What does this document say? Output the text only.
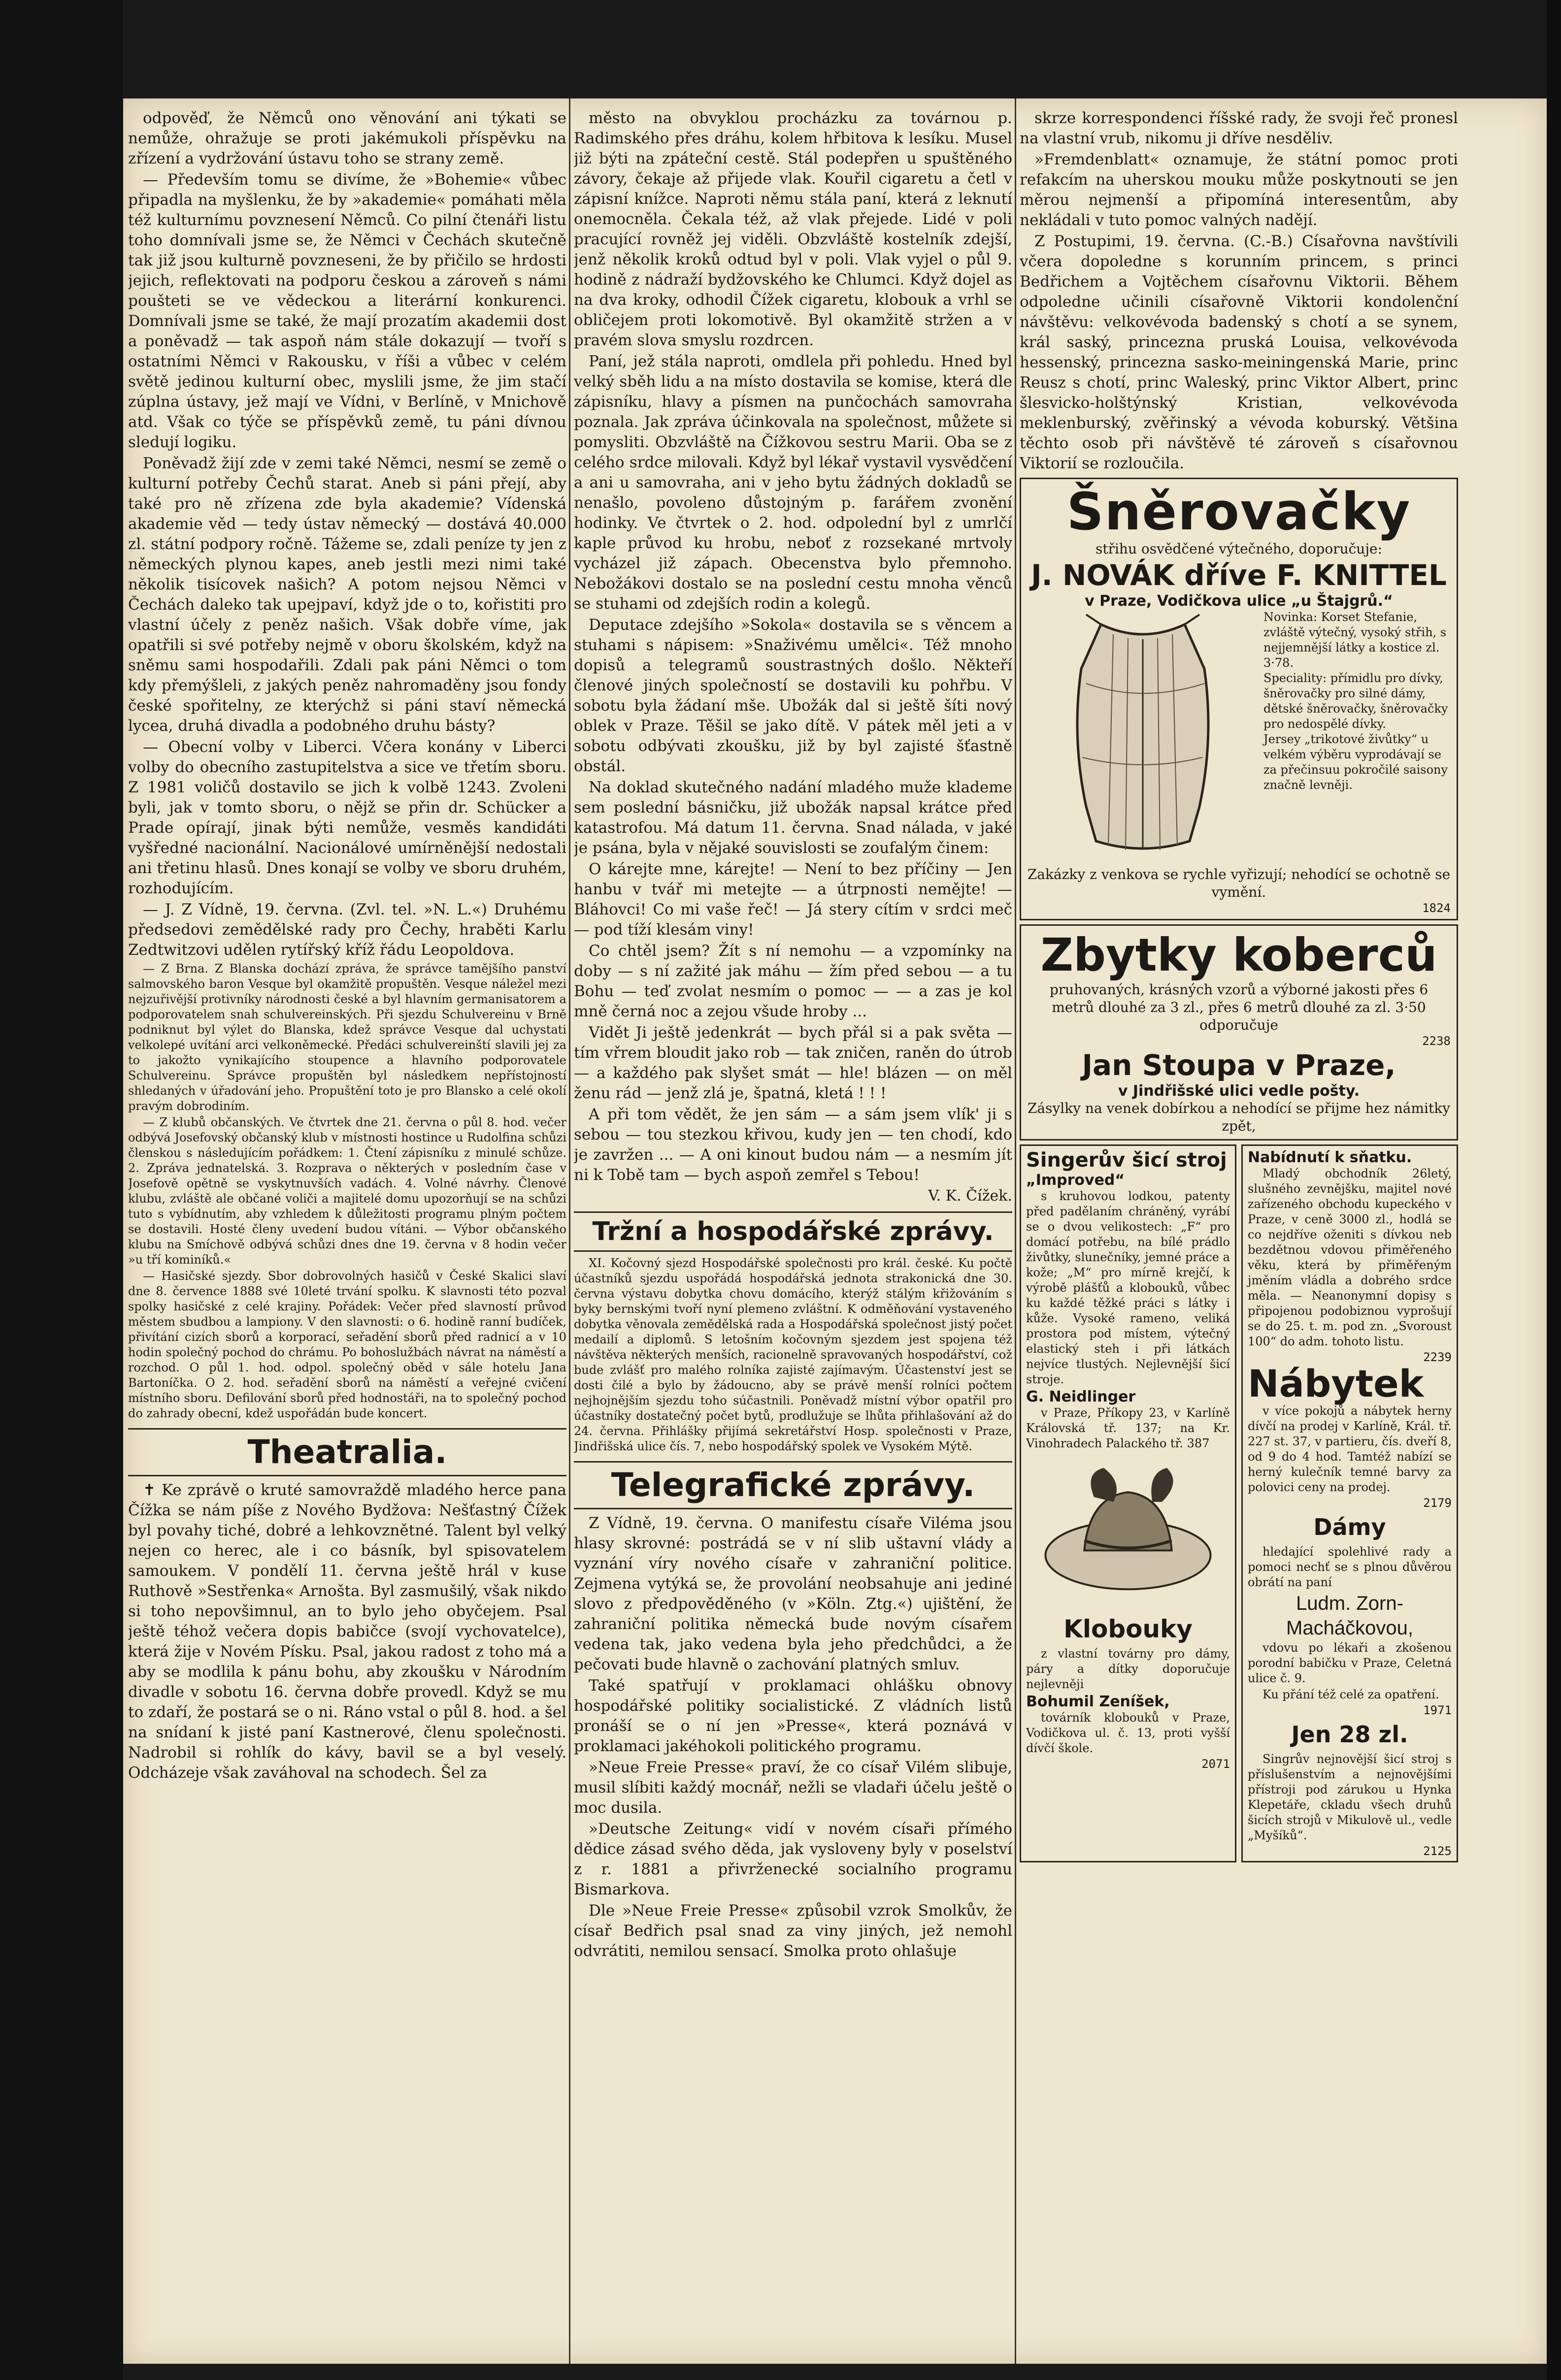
odpověď, že Němců ono věnování ani týkati se nemůže, ohražuje se proti jakémukoli příspěvku na zřízení a vydržování ústavu toho se strany země.

— Především tomu se divíme, že »Bohemie« vůbec připadla na myšlenku, že by »akademie« pomáhati měla též kulturnímu povznesení Němců. Co pilní čtenáři listu toho domnívali jsme se, že Němci v Čechách skutečně tak již jsou kulturně povzneseni, že by přičilo se hrdosti jejich, reflektovati na podporu českou a zároveň s námi poušteti se ve vědeckou a literární konkurenci. Domnívali jsme se také, že mají prozatím akademii dost a poněvadž — tak aspoň nám stále dokazují — tvoří s ostatními Němci v Rakousku, v říši a vůbec v celém světě jedinou kulturní obec, myslili jsme, že jim stačí zúplna ústavy, jež mají ve Vídni, v Berlíně, v Mnichově atd. Však co týče se příspěvků země, tu páni dívnou sledují logiku.

Poněvadž žijí zde v zemi také Němci, nesmí se země o kulturní potřeby Čechů starat. Aneb si páni přejí, aby také pro ně zřízena zde byla akademie? Vídenská akademie věd — tedy ústav německý — dostává 40.000 zl. státní podpory ročně. Tážeme se, zdali peníze ty jen z německých plynou kapes, aneb jestli mezi nimi také několik tisícovek našich? A potom nejsou Němci v Čechách daleko tak upejpaví, když jde o to, kořistiti pro vlastní účely z peněz našich. Však dobře víme, jak opatřili si své potřeby nejmě v oboru školském, když na sněmu sami hospodařili. Zdali pak páni Němci o tom kdy přemýšleli, z jakých peněz nahromaděny jsou fondy české spořitelny, ze kterýchž si páni staví německá lycea, druhá divadla a podobného druhu básty?

— Obecní volby v Liberci. Včera konány v Liberci volby do obecního zastupitelstva a sice ve třetím sboru. Z 1981 voličů dostavilo se jich k volbě 1243. Zvoleni byli, jak v tomto sboru, o nějž se přin dr. Schücker a Prade opírají, jinak býti nemůže, vesměs kandidáti vyšředné nacionální. Nacionálové umírněnější nedostali ani třetinu hlasů. Dnes konají se volby ve sboru druhém, rozhodujícím.

— J. Z Vídně, 19. června. (Zvl. tel. »N. L.«) Druhému předsedovi zemědělské rady pro Čechy, hraběti Karlu Zedtwitzovi udělen rytířský kříž řádu Leopoldova.

— Z Brna. Z Blanska dochází zpráva, že správce tamějšího panství salmovského baron Vesque byl okamžitě propuštěn. Vesque náležel mezi nejzuřivější protivníky národnosti české a byl hlavním germanisatorem a podporovatelem snah schulvereinských. Při sjezdu Schulvereinu v Brně podniknut byl výlet do Blanska, kdež správce Vesque dal uchystati velkolepé uvítání arci velkoněmecké. Předáci schulvereinští slavili jej za to jakožto vynikajícího stoupence a hlavního podporovatele Schulvereinu. Správce propuštěn byl následkem nepřístojností shledaných v úřadování jeho. Propuštění toto je pro Blansko a celé okolí pravým dobrodiním.

— Z klubů občanských. Ve čtvrtek dne 21. června o půl 8. hod. večer odbývá Josefovský občanský klub v místnosti hostince u Rudolfina schůzi členskou s následujícím pořádkem: 1. Čtení zápisníku z minulé schůze. 2. Zpráva jednatelská. 3. Rozprava o některých v posledním čase v Josefově opětně se vyskytnuvších vadách. 4. Volné návrhy. Členové klubu, zvláště ale občané voliči a majitelé domu upozorňují se na schůzi tuto s vybídnutím, aby vzhledem k důležitosti programu plným počtem se dostavili. Hosté členy uvedení budou vítáni. — Výbor občanského klubu na Smíchově odbývá schůzi dnes dne 19. června v 8 hodin večer »u tří kominíků.«

— Hasičské sjezdy. Sbor dobrovolných hasičů v České Skalici slaví dne 8. července 1888 své 10leté trvání spolku. K slavnosti této pozval spolky hasičské z celé krajiny. Pořádek: Večer před slavností průvod městem sbudbou a lampiony. V den slavnosti: o 6. hodině ranní budíček, přivítání cizích sborů a korporací, seřadění sborů před radnicí a v 10 hodin společný pochod do chrámu. Po bohoslužbách návrat na náměstí a rozchod. O půl 1. hod. odpol. společný oběd v sále hotelu Jana Bartoníčka. O 2. hod. seřadění sborů na náměstí a veřejné cvičení místního sboru. Defilování sborů před hodnostáři, na to společný pochod do zahrady obecní, kdež uspořádán bude koncert.

Theatralia.

✝ Ke zprávě o kruté samovraždě mladého herce pana Čížka se nám píše z Nového Bydžova: Nešťastný Čížek byl povahy tiché, dobré a lehkovznětné. Talent byl velký nejen co herec, ale i co básník, byl spisovatelem samoukem. V pondělí 11. června ještě hrál v kuse Ruthově »Sestřenka« Arnošta. Byl zasmušilý, však nikdo si toho nepovšimnul, an to bylo jeho obyčejem. Psal ještě téhož večera dopis babičce (svojí vychovatelce), která žije v Novém Písku. Psal, jakou radost z toho má a aby se modlila k pánu bohu, aby zkoušku v Národním divadle v sobotu 16. června dobře provedl. Když se mu to zdaří, že postará se o ni. Ráno vstal o půl 8. hod. a šel na snídaní k jisté paní Kastnerové, členu společnosti. Nadrobil si rohlík do kávy, bavil se a byl veselý. Odcházeje však zaváhoval na schodech. Šel za

město na obvyklou procházku za továrnou p. Radimského přes dráhu, kolem hřbitova k lesíku. Musel již býti na zpáteční cestě. Stál podepřen u spuštěného závory, čekaje až přijede vlak. Kouřil cigaretu a četl v zápisní knížce. Naproti němu stála paní, která z leknutí onemocněla. Čekala též, až vlak přejede. Lidé v poli pracující rovněž jej viděli. Obzvláště kostelník zdejší, jenž několik kroků odtud byl v poli. Vlak vyjel o půl 9. hodině z nádraží bydžovského ke Chlumci. Když dojel as na dva kroky, odhodil Čížek cigaretu, klobouk a vrhl se obličejem proti lokomotivě. Byl okamžitě stržen a v pravém slova smyslu rozdrcen.

Paní, jež stála naproti, omdlela při pohledu. Hned byl velký sběh lidu a na místo dostavila se komise, která dle zápisníku, hlavy a písmen na punčochách samovraha poznala. Jak zpráva účinkovala na společnost, můžete si pomysliti. Obzvláště na Čížkovou sestru Marii. Oba se z celého srdce milovali. Když byl lékař vystavil vysvědčení a ani u samovraha, ani v jeho bytu žádných dokladů se nenašlo, povoleno důstojným p. farářem zvonění hodinky. Ve čtvrtek o 2. hod. odpolední byl z umrlčí kaple průvod ku hrobu, neboť z rozsekané mrtvoly vycházel již zápach. Obecenstva bylo přemnoho. Nebožákovi dostalo se na poslední cestu mnoha věnců se stuhami od zdejších rodin a kolegů.

Deputace zdejšího »Sokola« dostavila se s věncem a stuhami s nápisem: »Snaživému umělci«. Též mnoho dopisů a telegramů soustrastných došlo. Někteří členové jiných společností se dostavili ku pohřbu. V sobotu byla žádaní mše. Ubožák dal si ještě šíti nový oblek v Praze. Těšil se jako dítě. V pátek měl jeti a v sobotu odbývati zkoušku, již by byl zajisté šťastně obstál.

Na doklad skutečného nadání mladého muže klademe sem poslední básničku, již ubožák napsal krátce před katastrofou. Má datum 11. června. Snad nálada, v jaké je psána, byla v nějaké souvislosti se zoufalým činem:

O kárejte mne, kárejte! — Není to bez příčiny — Jen hanbu v tvář mi metejte — a útrpnosti nemějte! — Bláhovci! Co mi vaše řeč! — Já stery cítím v srdci meč — pod tíží klesám viny!

Co chtěl jsem? Žít s ní nemohu — a vzpomínky na doby — s ní zažité jak máhu — žím před sebou — a tu Bohu — teď zvolat nesmím o pomoc — — a zas je kol mně černá noc a zejou všude hroby ...

Vidět Ji ještě jedenkrát — bych přál si a pak světa — tím vřrem bloudit jako rob — tak zničen, raněn do útrob — a každého pak slyšet smát — hle! blázen — on měl ženu rád — jenž zlá je, špatná, kletá ! ! !

A při tom vědět, že jen sám — a sám jsem vlík' ji s sebou — tou stezkou křivou, kudy jen — ten chodí, kdo je zavržen ... — A oni kinout budou nám — a nesmím jít ni k Tobě tam — bych aspoň zemřel s Tebou!

V. K. Čížek.
Tržní a hospodářské zprávy.

XI. Kočovný sjezd Hospodářské společnosti pro král. české. Ku počtě účastníků sjezdu uspořádá hospodářská jednota strakonická dne 30. června výstavu dobytka chovu domácího, kterýž stálým křižováním s byky bernskými tvoří nyní plemeno zvláštní. K odměňování vystaveného dobytka věnovala zemědělská rada a Hospodářská společnost jistý počet medailí a diplomů. S letošním kočovným sjezdem jest spojena též návštěva některých menších, racionelně spravovaných hospodářství, což bude zvlášť pro malého rolníka zajisté zajímavým. Účastenství jest se dosti čilé a bylo by žádoucno, aby se právě menší rolníci počtem nejhojnějším sjezdu toho súčastnili. Poněvadž místní výbor opatřil pro účastníky dostatečný počet bytů, prodlužuje se lhůta přihlašování až do 24. června. Přihlášky přijímá sekretářství Hosp. společnosti v Praze, Jindřišská ulice čís. 7, nebo hospodářský spolek ve Vysokém Mýtě.

Telegrafické zprávy.

Z Vídně, 19. června. O manifestu císaře Viléma jsou hlasy skrovné: postrádá se v ní slib uštavní vlády a vyznání víry nového císaře v zahraniční politice. Zejmena vytýká se, že provolání neobsahuje ani jediné slovo z předpověděného (v »Köln. Ztg.«) ujištění, že zahraniční politika německá bude novým císařem vedena tak, jako vedena byla jeho předchůdci, a že pečovati bude hlavně o zachování platných smluv.

Také spatřují v proklamaci ohlášku obnovy hospodářské politiky socialistické. Z vládních listů pronáší se o ní jen »Presse«, která poznává v proklamaci jakéhokoli politického programu.

»Neue Freie Presse« praví, že co císař Vilém slibuje, musil slíbiti každý mocnář, nežli se vladaři účelu ještě o moc dusila.

»Deutsche Zeitung« vidí v novém císaři přímého dědice zásad svého děda, jak vysloveny byly v poselství z r. 1881 a přivrženecké socialního programu Bismarkova.

Dle »Neue Freie Presse« způsobil vzrok Smolkův, že císař Bedřich psal snad za viny jiných, jež nemohl odvrátiti, nemilou sensací. Smolka proto ohlašuje

skrze korrespondenci říšské rady, že svoji řeč pronesl na vlastní vrub, nikomu ji dříve nesděliv.

»Fremdenblatt« oznamuje, že státní pomoc proti refakcím na uherskou mouku může poskytnouti se jen měrou nejmenší a připomíná interesentům, aby nekládali v tuto pomoc valných nadějí.

Z Postupimi, 19. června. (C.-B.) Císařovna navštívili včera dopoledne s korunním princem, s princi Bedřichem a Vojtěchem císařovnu Viktorii. Během odpoledne učinili císařovně Viktorii kondolenční návštěvu: velkovévoda badenský s chotí a se synem, král saský, princezna pruská Louisa, velkovévoda hessenský, princezna sasko-meiningenská Marie, princ Reusz s chotí, princ Waleský, princ Viktor Albert, princ šlesvicko-holštýnský Kristian, velkovévoda meklenburský, zvěřinský a vévoda koburský. Většina těchto osob při návštěvě té zároveň s císařovnou Viktorií se rozloučila.

Šněrovačky
střihu osvědčené výtečného, doporučuje:
J. NOVÁK dříve F. KNITTEL
v Praze, Vodičkova ulice „u Štajgrů.“
Novinka: Korset Stefanie, zvláště výtečný, vysoký střih, s nejjemnější látky a kostice zl. 3·78.
Speciality: přímidlu pro dívky, šněrovačky pro silné dámy, dětské šněrovačky, šněrovačky pro nedospělé dívky.
Jersey „trikotové živůtky“ u velkém výběru vyprodávají se za přečinsuu pokročilé saisony značně levněji.
Zakázky z venkova se rychle vyřizují; nehodící se ochotně se vymění.
1824
Zbytky koberců
pruhovaných, krásných vzorů a výborné jakosti přes 6 metrů dlouhé za 3 zl., přes 6 metrů dlouhé za zl. 3·50 odporučuje
2238
Jan Stoupa v Praze,
v Jindřišské ulici vedle pošty.
Zásylky na venek dobírkou a nehodící se přijme hez námitky zpět,
Singerův šicí stroj
„Improved“

s kruhovou lodkou, patenty před padělaním chráněný, vyrábí se o dvou velikostech: „F“ pro domácí potřebu, na bílé prádlo živůtky, slunečníky, jemné práce a kože; „M“ pro mírně krejčí, k výrobě plášťů a klobouků, vůbec ku každé těžké práci s látky i kůže. Vysoké rameno, veliká prostora pod místem, výtečný elastický steh i při látkách nejvíce tlustých. Nejlevnější šicí stroje.

G. Neidlinger

v Praze, Příkopy 23, v Karlíně Královská tř. 137; na Kr. Vinohradech Palackého tř. 387

Klobouky

z vlastní továrny pro dámy, páry a dítky doporučuje nejlevněji

Bohumil Zeníšek,

továrník klobouků v Praze, Vodičkova ul. č. 13, proti vyšší dívčí škole.

2071
Nabídnutí k sňatku.

Mladý obchodník 26letý, slušného zevnějšku, majitel nové zařízeného obchodu kupeckého v Praze, v ceně 3000 zl., hodlá se co nejdříve oženiti s dívkou neb bezdětnou vdovou přiměřeného věku, která by přiměřeným jměním vládla a dobrého srdce měla. — Neanonymní dopisy s připojenou podobiznou vyprošují se do 25. t. m. pod zn. „Svoroust 100“ do adm. tohoto listu.

2239
Nábytek

v více pokojů a nábytek herny dívčí na prodej v Karlíně, Král. tř. 227 st. 37, v partieru, čís. dveří 8, od 9 do 4 hod. Tamtéž nabízí se herný kulečník temné barvy za polovici ceny na prodej.

2179
Dámy

hledající spolehlivé rady a pomoci nechť se s plnou důvěrou obrátí na paní

Ludm. Zorn-Macháčkovou,

vdovu po lékaři a zkošenou porodní babičku v Praze, Celetná ulice č. 9.

Ku přání též celé za opatření.

1971
Jen 28 zl.

Singrův nejnovější šicí stroj s příslušenstvím a nejnovějšími přístroji pod zárukou u Hynka Klepetáře, ckladu všech druhů šicích strojů v Mikulově ul., vedle „Myšíků“.

2125
